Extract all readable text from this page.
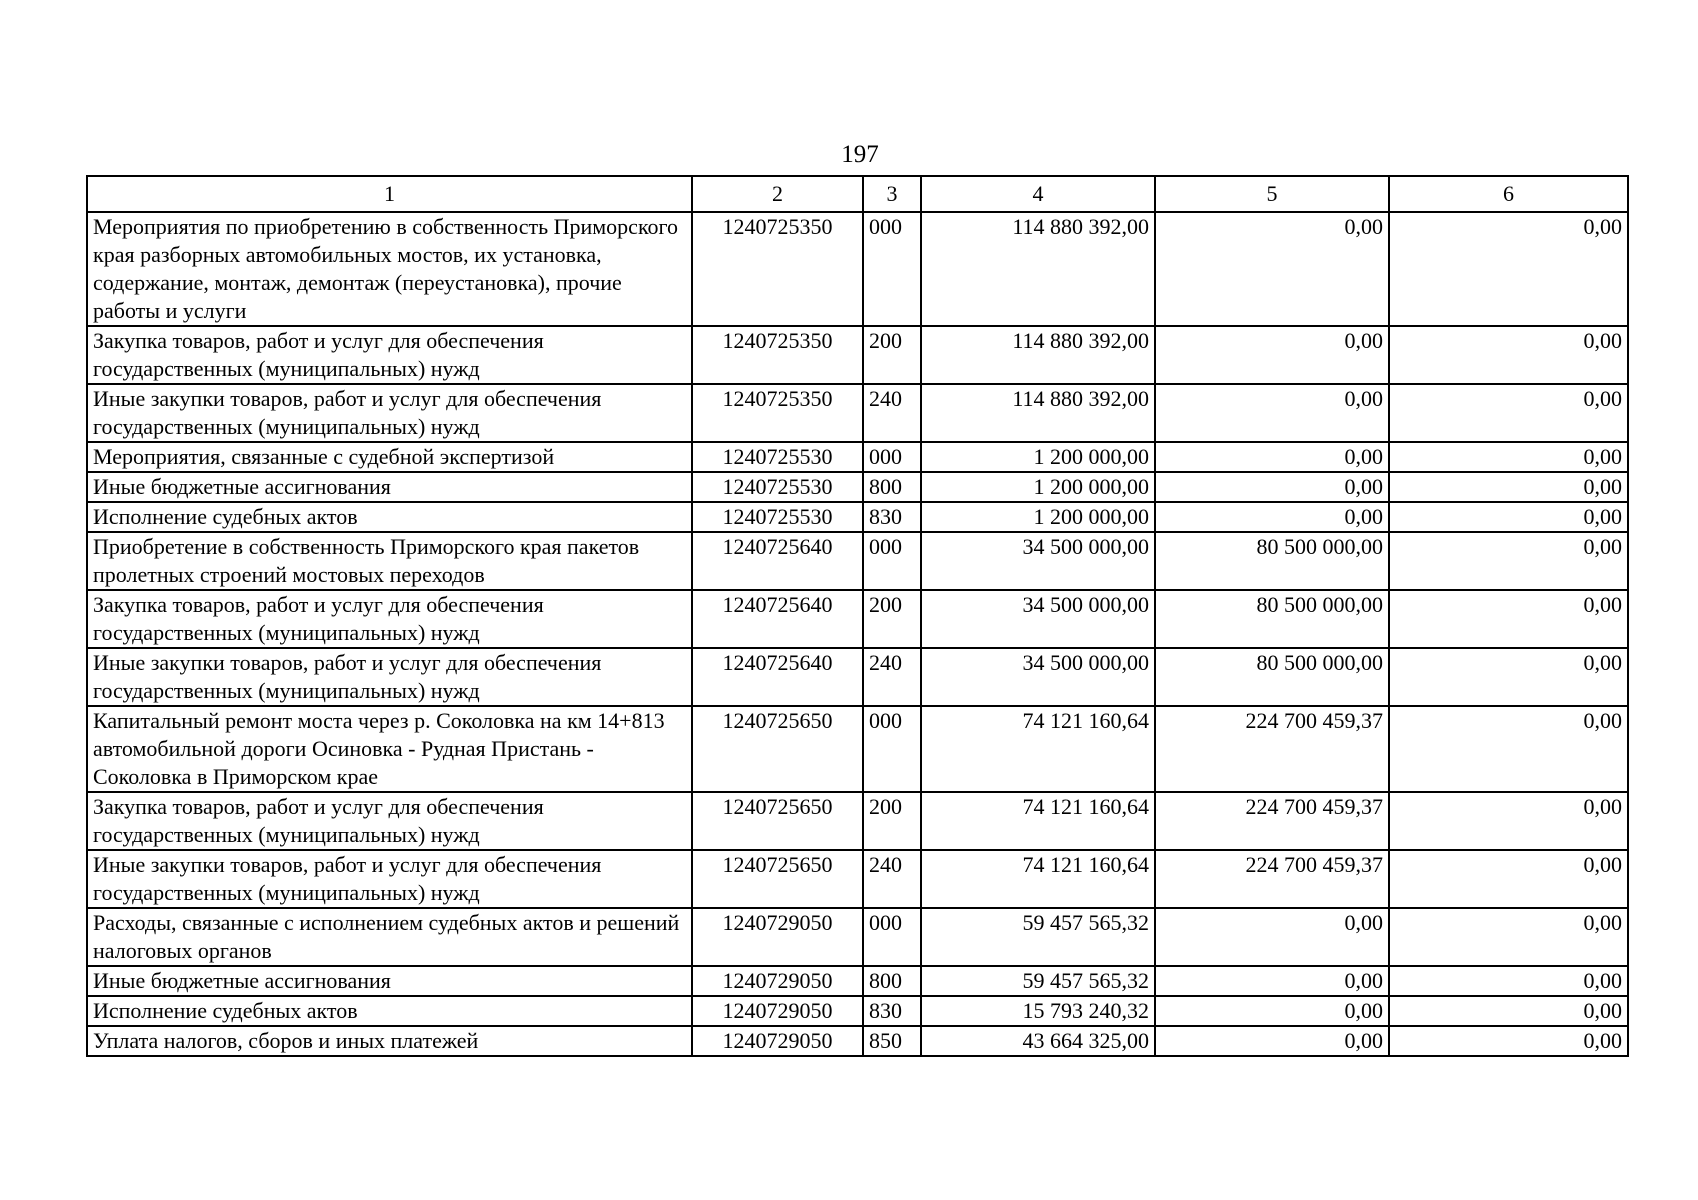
197
1	2	3	4	5	6
Мероприятия по приобретению в собственность Приморского края разборных автомобильных мостов, их установка, содержание, монтаж, демонтаж (переустановка), прочие работы и услуги	1240725350	000	114 880 392,00	0,00	0,00
Закупка товаров, работ и услуг для обеспечения государственных (муниципальных) нужд	1240725350	200	114 880 392,00	0,00	0,00
Иные закупки товаров, работ и услуг для обеспечения государственных (муниципальных) нужд	1240725350	240	114 880 392,00	0,00	0,00
Мероприятия, связанные с судебной экспертизой	1240725530	000	1 200 000,00	0,00	0,00
Иные бюджетные ассигнования	1240725530	800	1 200 000,00	0,00	0,00
Исполнение судебных актов	1240725530	830	1 200 000,00	0,00	0,00
Приобретение в собственность Приморского края пакетов пролетных строений мостовых переходов	1240725640	000	34 500 000,00	80 500 000,00	0,00
Закупка товаров, работ и услуг для обеспечения государственных (муниципальных) нужд	1240725640	200	34 500 000,00	80 500 000,00	0,00
Иные закупки товаров, работ и услуг для обеспечения государственных (муниципальных) нужд	1240725640	240	34 500 000,00	80 500 000,00	0,00
Капитальный ремонт моста через р. Соколовка на км 14+813 автомобильной дороги Осиновка - Рудная Пристань - Соколовка в Приморском крае	1240725650	000	74 121 160,64	224 700 459,37	0,00
Закупка товаров, работ и услуг для обеспечения государственных (муниципальных) нужд	1240725650	200	74 121 160,64	224 700 459,37	0,00
Иные закупки товаров, работ и услуг для обеспечения государственных (муниципальных) нужд	1240725650	240	74 121 160,64	224 700 459,37	0,00
Расходы, связанные с исполнением судебных актов и решений налоговых органов	1240729050	000	59 457 565,32	0,00	0,00
Иные бюджетные ассигнования	1240729050	800	59 457 565,32	0,00	0,00
Исполнение судебных актов	1240729050	830	15 793 240,32	0,00	0,00
Уплата налогов, сборов и иных платежей	1240729050	850	43 664 325,00	0,00	0,00
